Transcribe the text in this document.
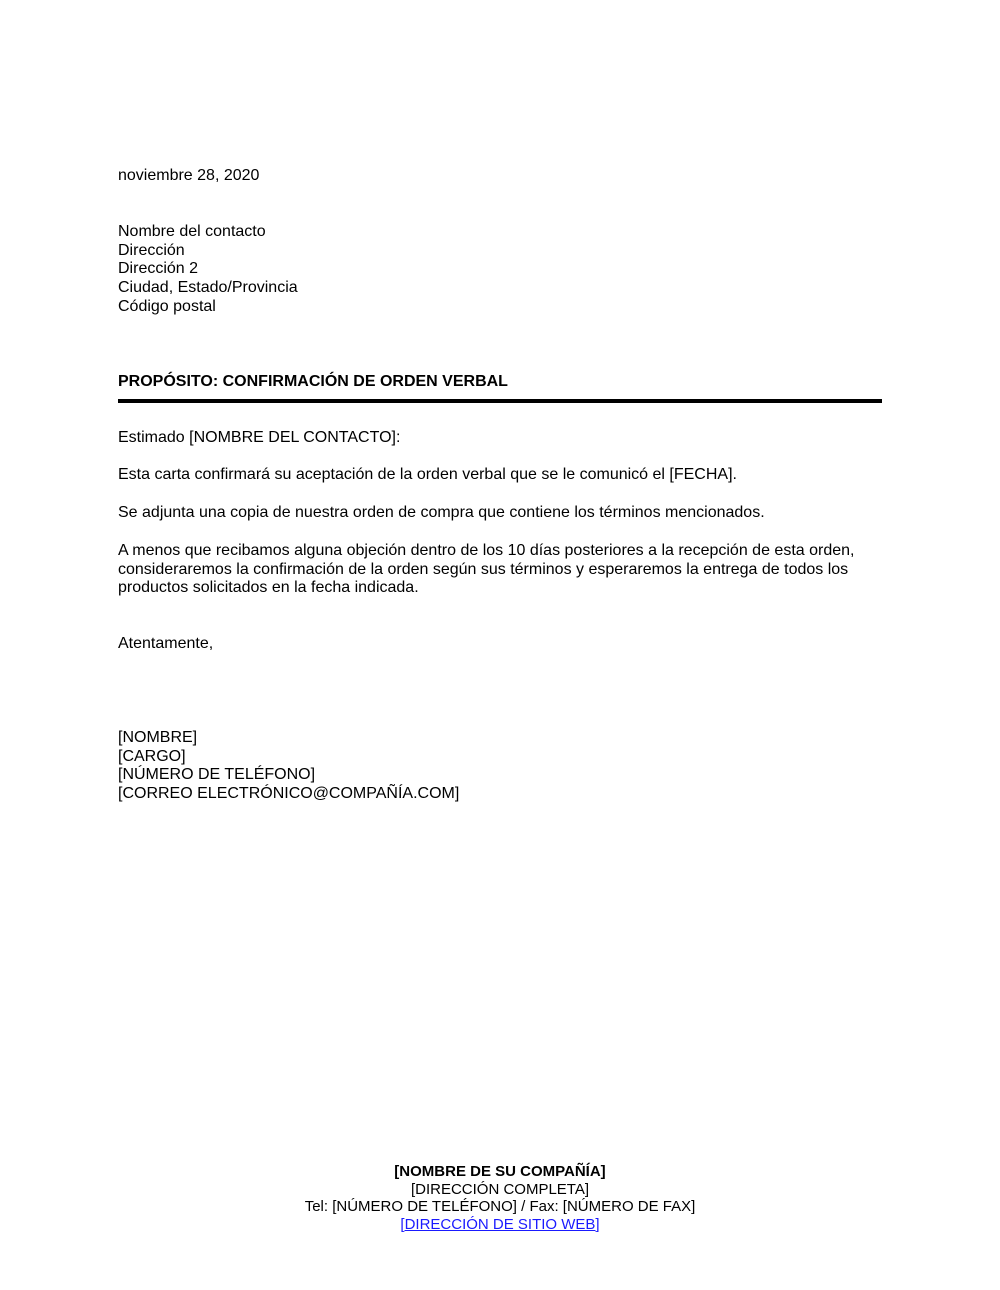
noviembre 28, 2020
Nombre del contacto
Dirección
Dirección 2
Ciudad, Estado/Provincia
Código postal
PROPÓSITO: CONFIRMACIÓN DE ORDEN VERBAL
Estimado [NOMBRE DEL CONTACTO]:
Esta carta confirmará su aceptación de la orden verbal que se le comunicó el [FECHA].
Se adjunta una copia de nuestra orden de compra que contiene los términos mencionados.
A menos que recibamos alguna objeción dentro de los 10 días posteriores a la recepción de esta orden, consideraremos la confirmación de la orden según sus términos y esperaremos la entrega de todos los productos solicitados en la fecha indicada.
Atentamente,
[NOMBRE]
[CARGO]
[NÚMERO DE TELÉFONO]
[CORREO ELECTRÓNICO@COMPAÑÍA.COM]
[NOMBRE DE SU COMPAÑÍA]
[DIRECCIÓN COMPLETA]
Tel: [NÚMERO DE TELÉFONO] / Fax: [NÚMERO DE FAX]
[DIRECCIÓN DE SITIO WEB]
